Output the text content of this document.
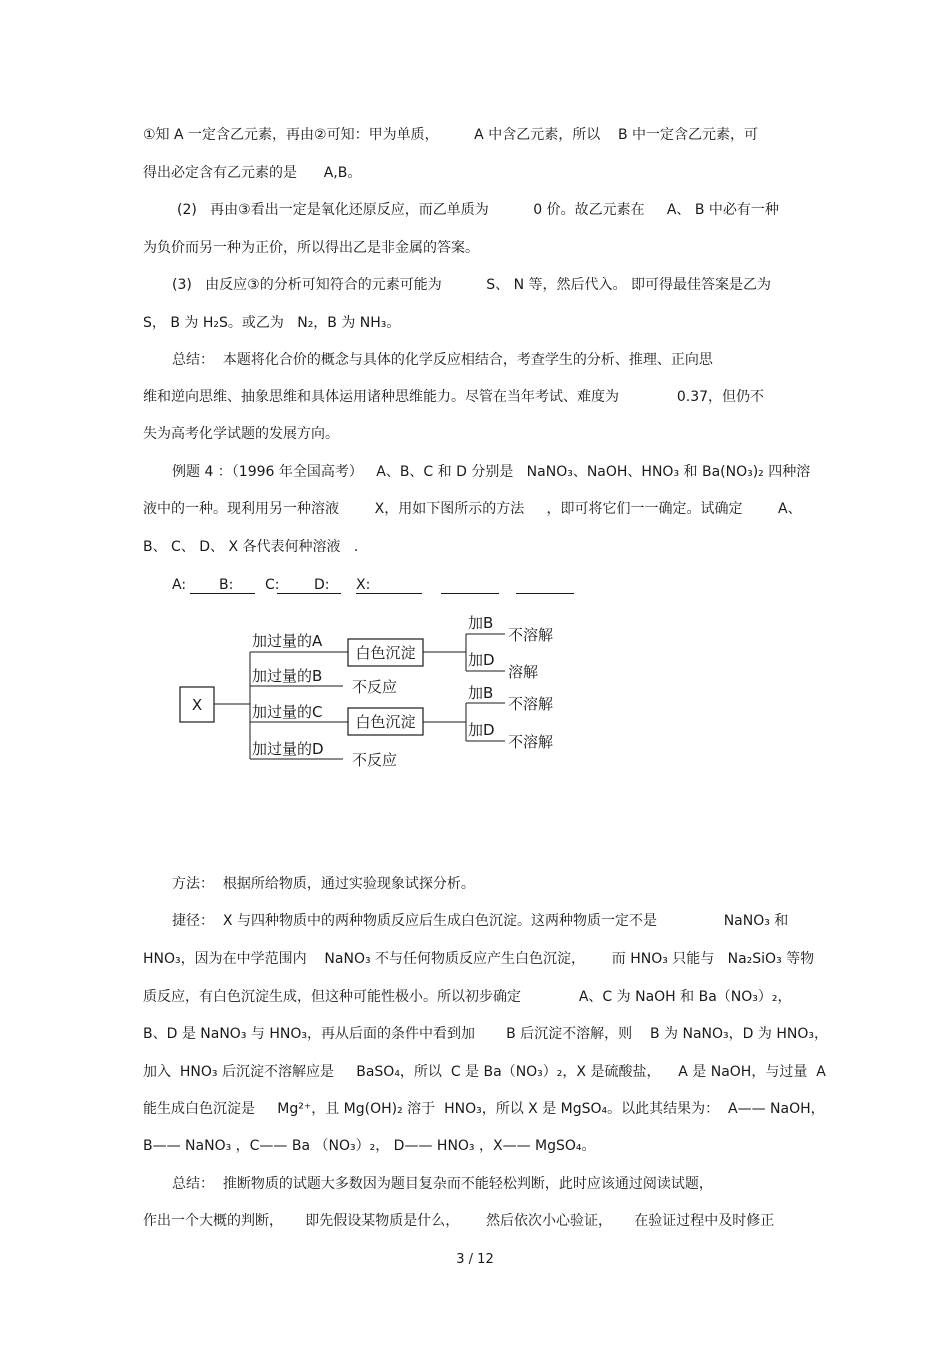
①知 A 一定含乙元素，再由②可知：甲为单质，        A 中含乙元素，所以    B 中一定含乙元素，可
得出必定含有乙元素的是      A,B。
(2)   再由③看出一定是氧化还原反应，而乙单质为          0 价。故乙元素在     A、 B 中必有一种
为负价而另一种为正价，所以得出乙是非金属的答案。
(3)   由反应③的分析可知符合的元素可能为          S、 N 等，然后代入。 即可得最佳答案是乙为
S， B 为 H₂S。或乙为   N₂，B 为 NH₃。
总结：  本题将化合价的概念与具体的化学反应相结合，考查学生的分析、推理、正向思
维和逆向思维、抽象思维和具体运用诸种思维能力。尽管在当年考试、难度为             0.37，但仍不
失为高考化学试题的发展方向。
例题 4 ：（1996 年全国高考）   A、B、C 和 D 分别是   NaNO₃、NaOH、HNO₃ 和 Ba(NO₃)₂ 四种溶
液中的一种。现利用另一种溶液        X，用如下图所示的方法     ，即可将它们一一确定。试确定        A、
B、 C、 D、 X 各代表何种溶液   .
A: B: C: D: X:
X
加过量的A
加过量的B
加过量的C
加过量的D
白色沉淀
白色沉淀
不反应
不反应
加B
加D
不溶解
溶解
加B
加D
不溶解
不溶解
方法：  根据所给物质，通过实验现象试探分析。
捷径：  X 与四种物质中的两种物质反应后生成白色沉淀。这两种物质一定不是               NaNO₃ 和
HNO₃，因为在中学范围内    NaNO₃ 不与任何物质反应产生白色沉淀，      而 HNO₃ 只能与   Na₂SiO₃ 等物
质反应，有白色沉淀生成，但这种可能性极小。所以初步确定             A、C 为 NaOH 和 Ba（NO₃）₂，
B、D 是 NaNO₃ 与 HNO₃，再从后面的条件中看到加       B 后沉淀不溶解，则    B 为 NaNO₃，D 为 HNO₃，
加入  HNO₃ 后沉淀不溶解应是     BaSO₄，所以  C 是 Ba（NO₃）₂，X 是硫酸盐，    A 是 NaOH，与过量  A
能生成白色沉淀是     Mg²⁺，且 Mg(OH)₂ 溶于  HNO₃，所以 X 是 MgSO₄。以此其结果为：  A—— NaOH，
B—— NaNO₃ ，C—— Ba （NO₃）₂， D—— HNO₃ ，X—— MgSO₄。
总结：  推断物质的试题大多数因为题目复杂而不能轻松判断，此时应该通过阅读试题，
作出一个大概的判断，     即先假设某物质是什么，      然后依次小心验证，     在验证过程中及时修正
3 / 12
